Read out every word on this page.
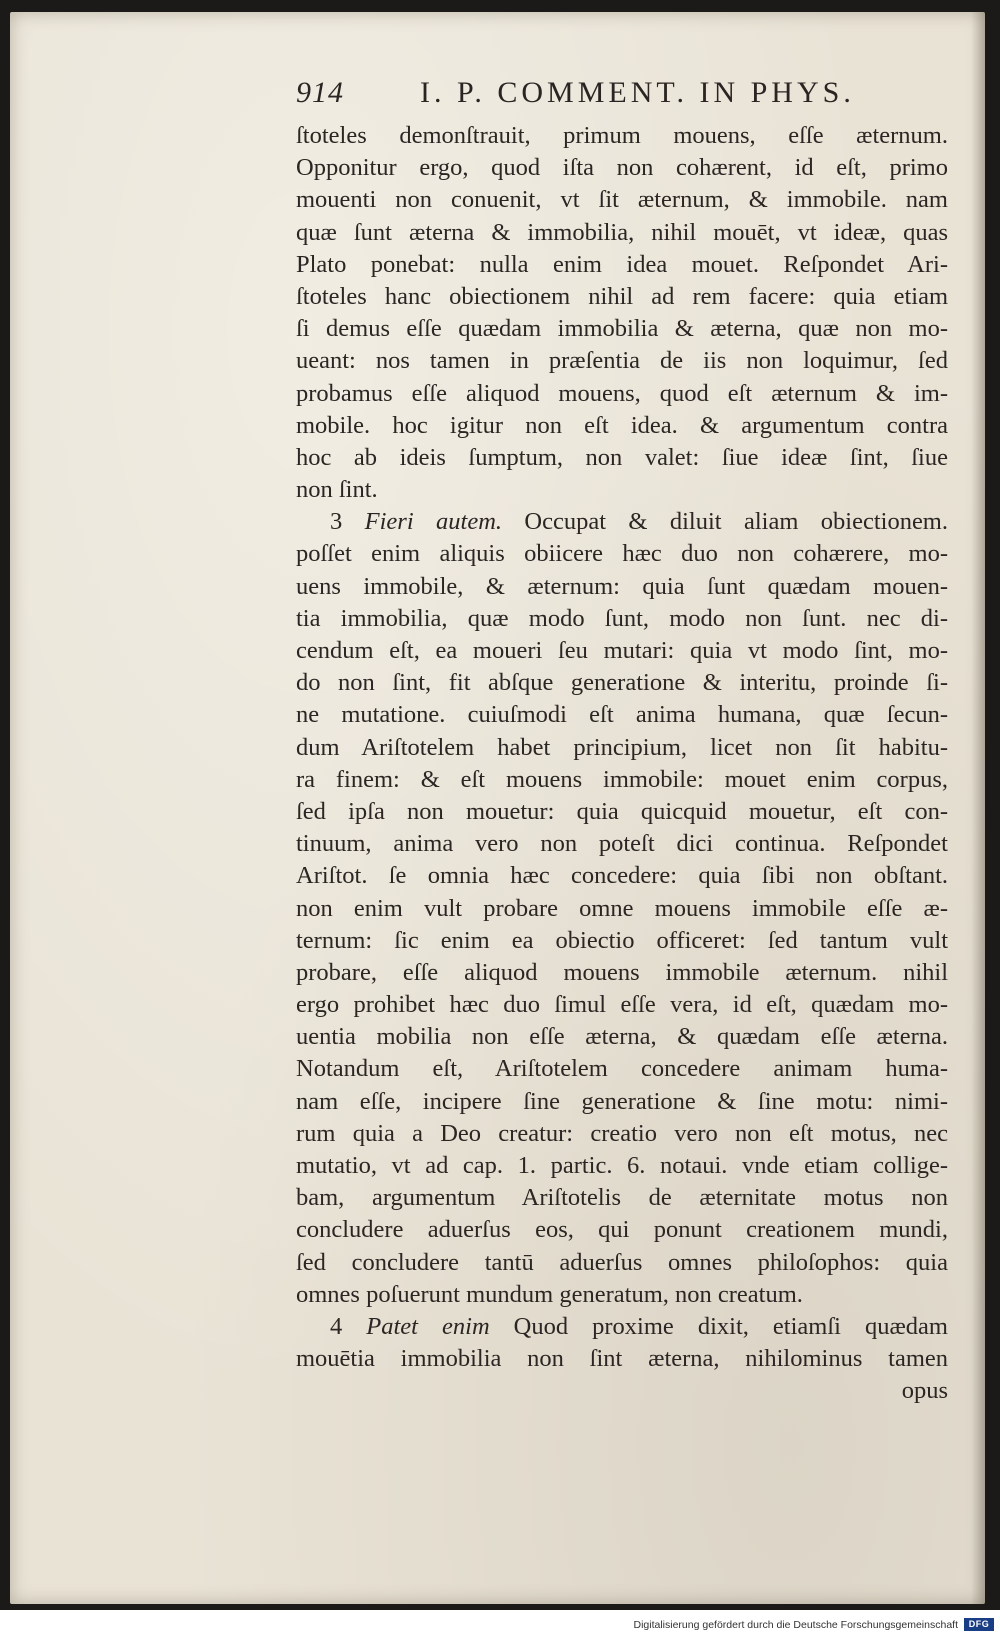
914	I. P. COMMENT. IN PHYS.
ſtoteles demonſtrauit, primum mouens, eſſe æternum.
Opponitur ergo, quod iſta non cohærent, id eſt, primo
mouenti non conuenit, vt ſit æternum, & immobile. nam
quæ ſunt æterna & immobilia, nihil mouēt, vt ideæ, quas
Plato ponebat: nulla enim idea mouet. Reſpondet Ari-
ſtoteles hanc obiectionem nihil ad rem facere: quia etiam
ſi demus eſſe quædam immobilia & æterna, quæ non mo-
ueant: nos tamen in præſentia de iis non loquimur, ſed
probamus eſſe aliquod mouens, quod eſt æternum & im-
mobile. hoc igitur non eſt idea. & argumentum contra
hoc ab ideis ſumptum, non valet: ſiue ideæ ſint, ſiue
non ſint.
3 Fieri autem. Occupat & diluit aliam obiectionem.
poſſet enim aliquis obiicere hæc duo non cohærere, mo-
uens immobile, & æternum: quia ſunt quædam mouen-
tia immobilia, quæ modo ſunt, modo non ſunt. nec di-
cendum eſt, ea moueri ſeu mutari: quia vt modo ſint, mo-
do non ſint, fit abſque generatione & interitu, proinde ſi-
ne mutatione. cuiuſmodi eſt anima humana, quæ ſecun-
dum Ariſtotelem habet principium, licet non ſit habitu-
ra finem: & eſt mouens immobile: mouet enim corpus,
ſed ipſa non mouetur: quia quicquid mouetur, eſt con-
tinuum, anima vero non poteſt dici continua. Reſpondet
Ariſtot. ſe omnia hæc concedere: quia ſibi non obſtant.
non enim vult probare omne mouens immobile eſſe æ-
ternum: ſic enim ea obiectio officeret: ſed tantum vult
probare, eſſe aliquod mouens immobile æternum. nihil
ergo prohibet hæc duo ſimul eſſe vera, id eſt, quædam mo-
uentia mobilia non eſſe æterna, & quædam eſſe æterna.
Notandum eſt, Ariſtotelem concedere animam huma-
nam eſſe, incipere ſine generatione & ſine motu: nimi-
rum quia a Deo creatur: creatio vero non eſt motus, nec
mutatio, vt ad cap. 1. partic. 6. notaui. vnde etiam collige-
bam, argumentum Ariſtotelis de æternitate motus non
concludere aduerſus eos, qui ponunt creationem mundi,
ſed concludere tantū aduerſus omnes philoſophos: quia
omnes poſuerunt mundum generatum, non creatum.
4 Patet enim Quod proxime dixit, etiamſi quædam
mouētia immobilia non ſint æterna, nihilominus tamen
opus
Digitalisierung gefördert durch die Deutsche Forschungsgemeinschaft	DFG
